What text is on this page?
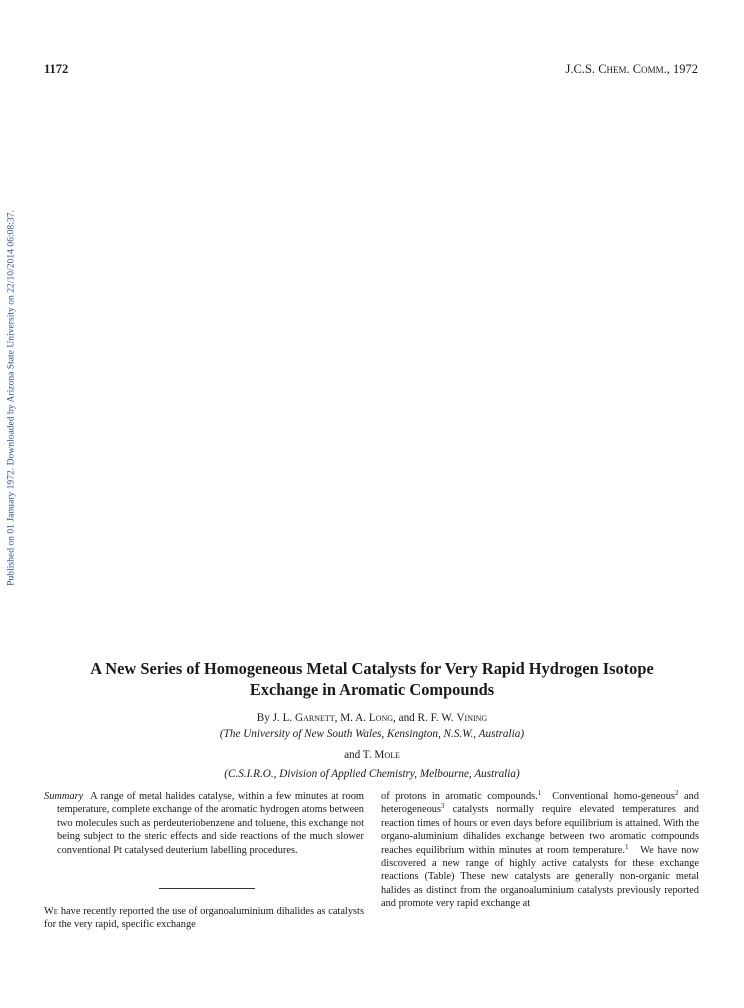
1172	J.C.S. Chem. Comm., 1972
Published on 01 January 1972. Downloaded by Arizona State University on 22/10/2014 06:08:37.
A New Series of Homogeneous Metal Catalysts for Very Rapid Hydrogen Isotope
Exchange in Aromatic Compounds
By J. L. Garnett, M. A. Long, and R. F. W. Vining
(The University of New South Wales, Kensington, N.S.W., Australia)
and T. Mole
(C.S.I.R.O., Division of Applied Chemistry, Melbourne, Australia)
Summary A range of metal halides catalyse, within a few minutes at room temperature, complete exchange of the aromatic hydrogen atoms between two molecules such as perdeuteriobenzene and toluene, this exchange not being subject to the steric effects and side reactions of the much slower conventional Pt catalysed deuterium labelling procedures.
We have recently reported the use of organoaluminium dihalides as catalysts for the very rapid, specific exchange
of protons in aromatic compounds.$^1$ Conventional homo-geneous$^2$ and heterogeneous$^3$ catalysts normally require elevated temperatures and reaction times of hours or even days before equilibrium is attained. With the organo-aluminium dihalides exchange between two aromatic compounds reaches equilibrium within minutes at room temperature.$^1$ We have now discovered a new range of highly active catalysts for these exchange reactions (Table) These new catalysts are generally non-organic metal halides as distinct from the organoaluminium catalysts previously reported and promote very rapid exchange at
